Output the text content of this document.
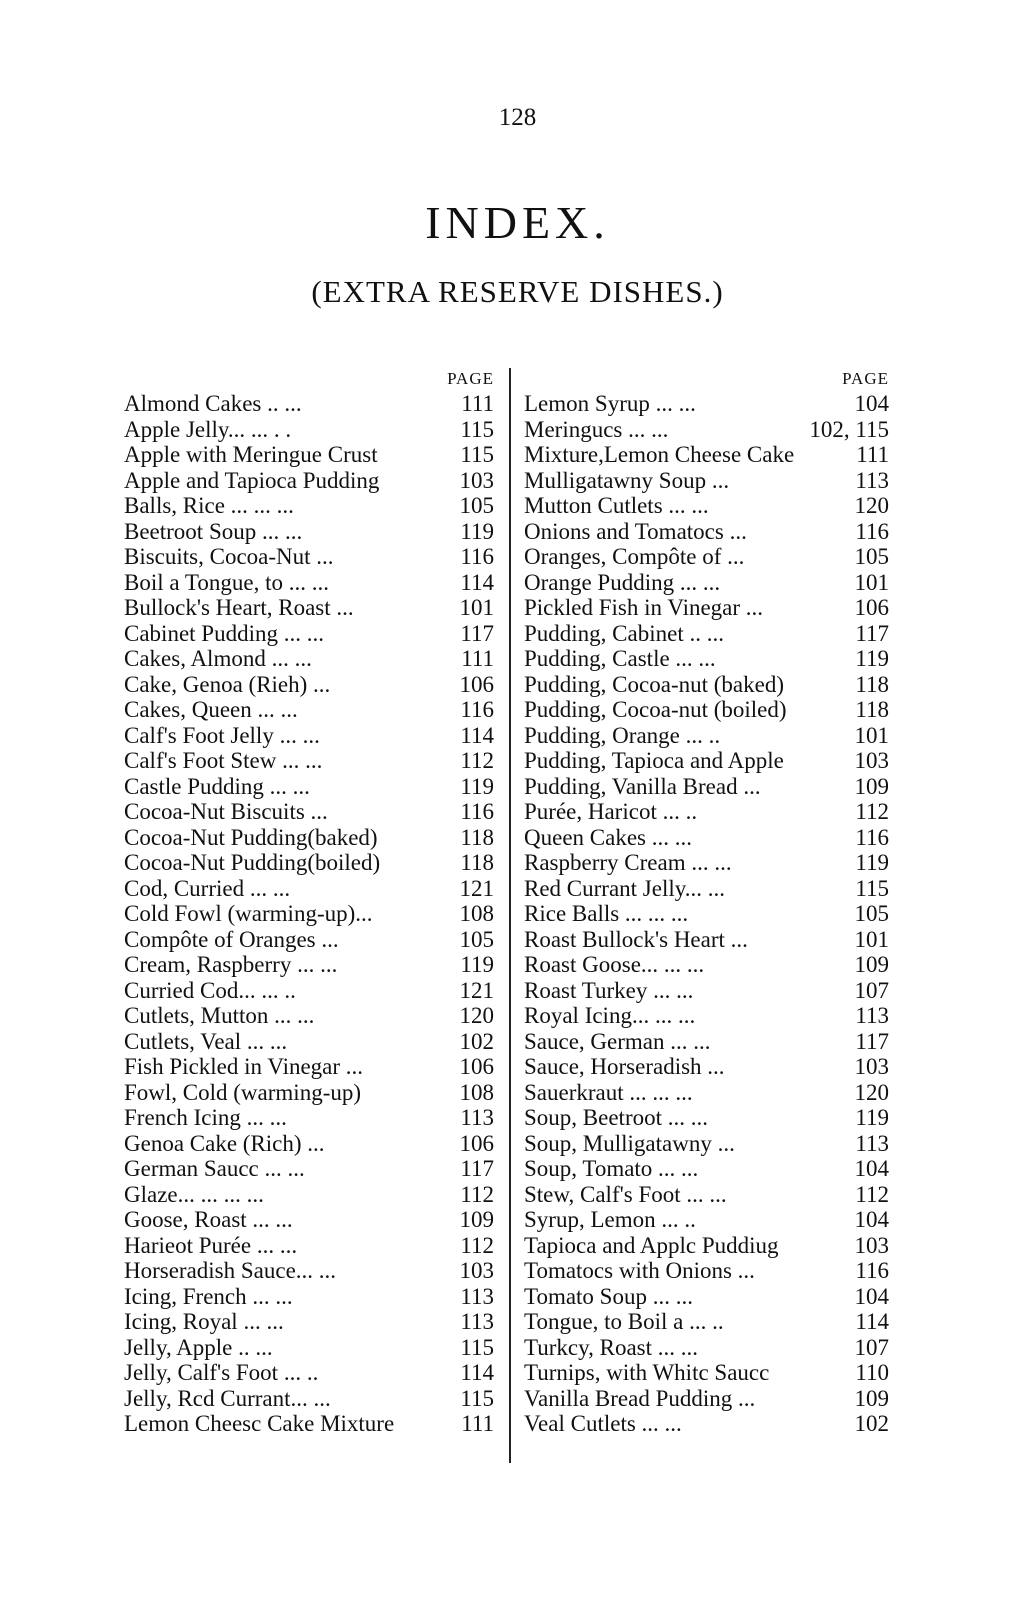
128
INDEX.
(EXTRA RESERVE DISHES.)
PAGE
Almond Cakes .. ...	111
Apple Jelly... ... . .	115
Apple with Meringue Crust	115
Apple and Tapioca Pudding	103
Balls, Rice ... ... ...	105
Beetroot Soup ... ...	119
Biscuits, Cocoa-Nut ...	116
Boil a Tongue, to ... ...	114
Bullock's Heart, Roast ...	101
Cabinet Pudding ... ...	117
Cakes, Almond ... ...	111
Cake, Genoa (Rieh) ...	106
Cakes, Queen ... ...	116
Calf's Foot Jelly ... ...	114
Calf's Foot Stew ... ...	112
Castle Pudding ... ...	119
Cocoa-Nut Biscuits ...	116
Cocoa-Nut Pudding(baked)	118
Cocoa-Nut Pudding(boiled)	118
Cod, Curried ... ...	121
Cold Fowl (warming-up)...	108
Compôte of Oranges ...	105
Cream, Raspberry ... ...	119
Curried Cod... ... ..	121
Cutlets, Mutton ... ...	120
Cutlets, Veal ... ...	102
Fish Pickled in Vinegar ...	106
Fowl, Cold (warming-up)	108
French Icing ... ...	113
Genoa Cake (Rich) ...	106
German Saucc ... ...	117
Glaze... ... ... ...	112
Goose, Roast ... ...	109
Harieot Purée ... ...	112
Horseradish Sauce... ...	103
Icing, French ... ...	113
Icing, Royal ... ...	113
Jelly, Apple .. ...	115
Jelly, Calf's Foot ... ..	114
Jelly, Rcd Currant... ...	115
Lemon Cheesc Cake Mixture	111
PAGE
Lemon Syrup ... ...	104
Meringucs ... ...	102, 115
Mixture,Lemon Cheese Cake	111
Mulligatawny Soup ...	113
Mutton Cutlets ... ...	120
Onions and Tomatocs ...	116
Oranges, Compôte of ...	105
Orange Pudding ... ...	101
Pickled Fish in Vinegar ...	106
Pudding, Cabinet .. ...	117
Pudding, Castle ... ...	119
Pudding, Cocoa-nut (baked)	118
Pudding, Cocoa-nut (boiled)	118
Pudding, Orange ... ..	101
Pudding, Tapioca and Apple	103
Pudding, Vanilla Bread ...	109
Purée, Haricot ... ..	112
Queen Cakes ... ...	116
Raspberry Cream ... ...	119
Red Currant Jelly... ...	115
Rice Balls ... ... ...	105
Roast Bullock's Heart ...	101
Roast Goose... ... ...	109
Roast Turkey ... ...	107
Royal Icing... ... ...	113
Sauce, German ... ...	117
Sauce, Horseradish ...	103
Sauerkraut ... ... ...	120
Soup, Beetroot ... ...	119
Soup, Mulligatawny ...	113
Soup, Tomato ... ...	104
Stew, Calf's Foot ... ...	112
Syrup, Lemon ... ..	104
Tapioca and Applc Puddiug	103
Tomatocs with Onions ...	116
Tomato Soup ... ...	104
Tongue, to Boil a ... ..	114
Turkcy, Roast ... ...	107
Turnips, with Whitc Saucc	110
Vanilla Bread Pudding ...	109
Veal Cutlets ... ...	102
